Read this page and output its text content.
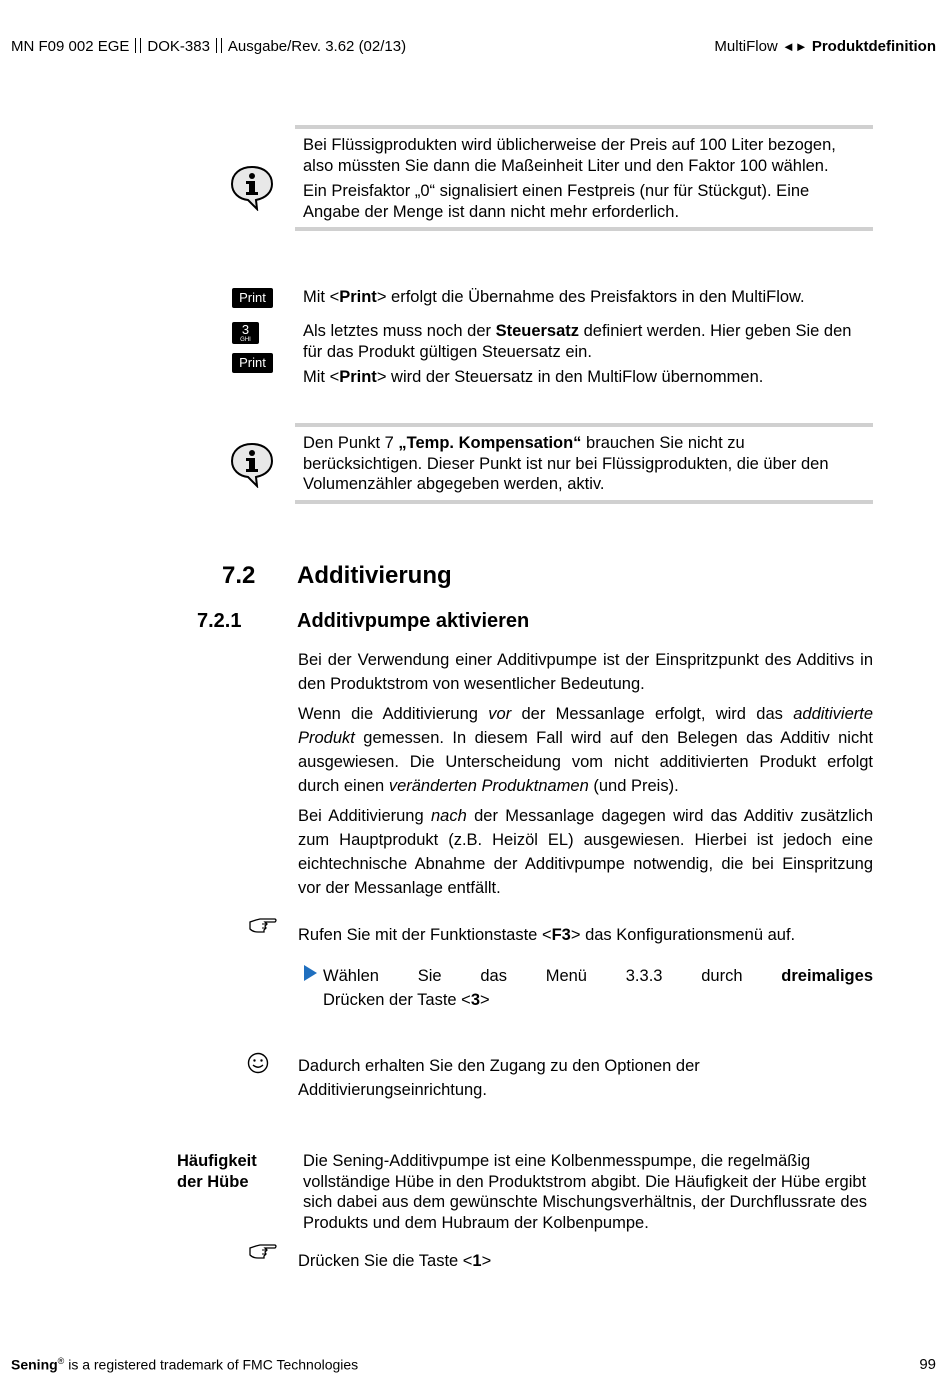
MN F09 002 EGE DOK-383 Ausgabe/Rev. 3.62 (02/13)	MultiFlow ◄► Produktdefinition

Bei Flüssigprodukten wird üblicherweise der Preis auf 100 Liter bezogen, also müssten Sie dann die Maßeinheit Liter und den Faktor 100 wählen.

Ein Preisfaktor „0“ signalisiert einen Festpreis (nur für Stückgut). Eine Angabe der Menge ist dann nicht mehr erforderlich.

Print
3
GHI
Print
Mit <Print> erfolgt die Übernahme des Preisfaktors in den MultiFlow.
Als letztes muss noch der Steuersatz definiert werden. Hier geben Sie den für das Produkt gültigen Steuersatz ein.
Mit <Print> wird der Steuersatz in den MultiFlow übernommen.

Den Punkt 7 „Temp. Kompensation“ brauchen Sie nicht zu berücksichtigen. Dieser Punkt ist nur bei Flüssigprodukten, die über den Volumenzähler abgegeben werden, aktiv.

7.2 Additivierung
7.2.1	Additivpumpe aktivieren

Bei der Verwendung einer Additivpumpe ist der Einspritzpunkt des Additivs in den Produktstrom von wesentlicher Bedeutung.

Wenn die Additivierung vor der Messanlage erfolgt, wird das additivierte Produkt gemessen. In diesem Fall wird auf den Belegen das Additiv nicht ausgewiesen. Die Unterscheidung vom nicht additivierten Produkt erfolgt durch einen veränderten Produktnamen (und Preis).

Bei Additivierung nach der Messanlage dagegen wird das Additiv zusätzlich zum Hauptprodukt (z.B. Heizöl EL) ausgewiesen. Hierbei ist jedoch eine eichtechnische Abnahme der Additivpumpe notwendig, die bei Einspritzung vor der Messanlage entfällt.

Rufen Sie mit der Funktionstaste <F3> das Konfigurationsmenü auf.
Wählen Sie das Menü 3.3.3 durch dreimaliges Drücken der Taste <3>
Dadurch erhalten Sie den Zugang zu den Optionen der Additivierungseinrichtung.
Häufigkeit
der Hübe
Die Sening-Additivpumpe ist eine Kolbenmesspumpe, die regelmäßig vollständige Hübe in den Produktstrom abgibt. Die Häufigkeit der Hübe ergibt sich dabei aus dem gewünschte Mischungsverhältnis, der Durchflussrate des Produkts und dem Hubraum der Kolbenpumpe.
Drücken Sie die Taste <1>
Sening® is a registered trademark of FMC Technologies	99
